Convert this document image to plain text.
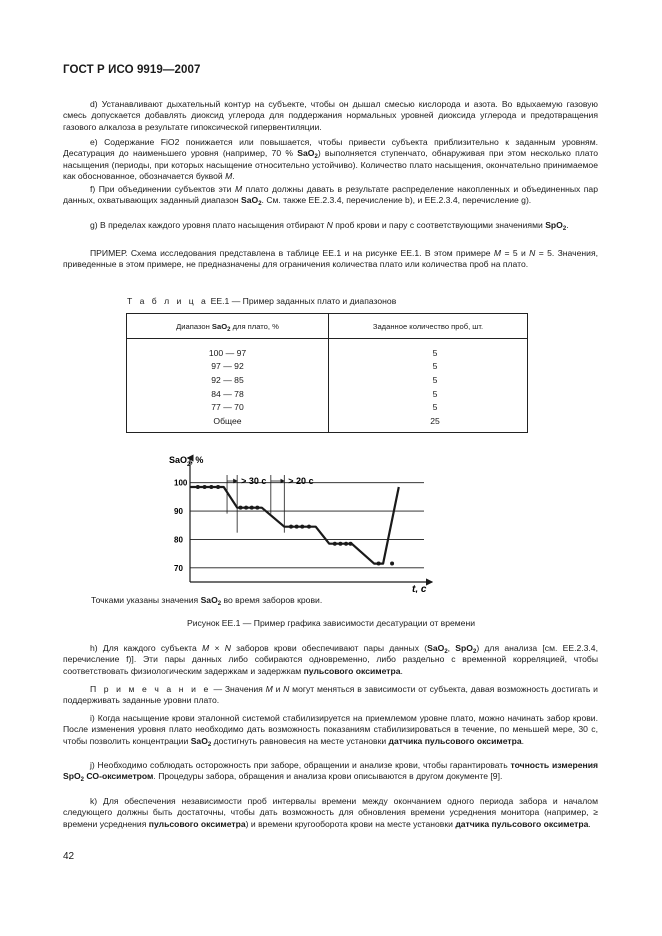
ГОСТ Р ИСО 9919—2007

d) Устанавливают дыхательный контур на субъекте, чтобы он дышал смесью кислорода и азота. Во вдыхаемую газовую смесь допускается добавлять диоксид углерода для поддержания нормальных уровней диоксида углерода и предотвращения газового алкалоза в результате гипоксической гипервентиляции.

е) Содержание FiO2 понижается или повышается, чтобы привести субъекта приблизительно к заданным уровням. Десатурация до наименьшего уровня (например, 70 % SaO$_2$) выполняется ступенчато, обнаруживая при этом несколько плато насыщения (периоды, при которых насыщение относительно устойчиво). Количество плато насыщения, окончательно принимаемое как обоснованное, обозначается буквой M.

f) При объединении субъектов эти M плато должны давать в результате распределение накопленных и объединенных пар данных, охватывающих заданный диапазон SaO$_2$. См. также ЕЕ.2.3.4, перечисление b), и ЕЕ.2.3.4, перечисление g).

g) В пределах каждого уровня плато насыщения отбирают N проб крови и пару с соответствующими значениями SpO$_2$.

ПРИМЕР. Схема исследования представлена в таблице ЕЕ.1 и на рисунке ЕЕ.1. В этом примере M = 5 и N = 5. Значения, приведенные в этом примере, не предназначены для ограничения количества плато или количества проб на плато.

Т а б л и ц а ЕЕ.1 — Пример заданных плато и диапазонов
Диапазон SaO$_2$ для плато, %	Заданное количество проб, шт.
100 — 97	5
97 — 92	5
92 — 85	5
84 — 78	5
77 — 70	5
Общее	25
100
90
80
70
SaO$_2$, %
t, c
> 30 c > 20 c
Точками указаны значения SaO$_2$ во время заборов крови.
Рисунок ЕЕ.1 — Пример графика зависимости десатурации от времени

h) Для каждого субъекта M × N заборов крови обеспечивают пары данных (SaO$_2$, SpO$_2$) для анализа [см. ЕЕ.2.3.4, перечисление f)]. Эти пары данных либо собираются одновременно, либо раздельно с временной корреляцией, чтобы соответствовать физиологическим задержкам и задержкам пульсового оксиметра.

П р и м е ч а н и е — Значения M и N могут меняться в зависимости от субъекта, давая возможность достигать и поддерживать заданные уровни плато.

i) Когда насыщение крови эталонной системой стабилизируется на приемлемом уровне плато, можно начинать забор крови. После изменения уровня плато необходимо дать возможность показаниям стабилизироваться в течение, по меньшей мере, 30 с, чтобы позволить концентрации SaO$_2$ достигнуть равновесия на месте установки датчика пульсового оксиметра.

j) Необходимо соблюдать осторожность при заборе, обращении и анализе крови, чтобы гарантировать точность измерения SpO$_2$ СО-оксиметром. Процедуры забора, обращения и анализа крови описываются в другом документе [9].

k) Для обеспечения независимости проб интервалы времени между окончанием одного периода забора и началом следующего должны быть достаточны, чтобы дать возможность для обновления времени усреднения монитора (например, ≥ времени усреднения пульсового оксиметра) и времени кругооборота крови на месте установки датчика пульсового оксиметра.

42
